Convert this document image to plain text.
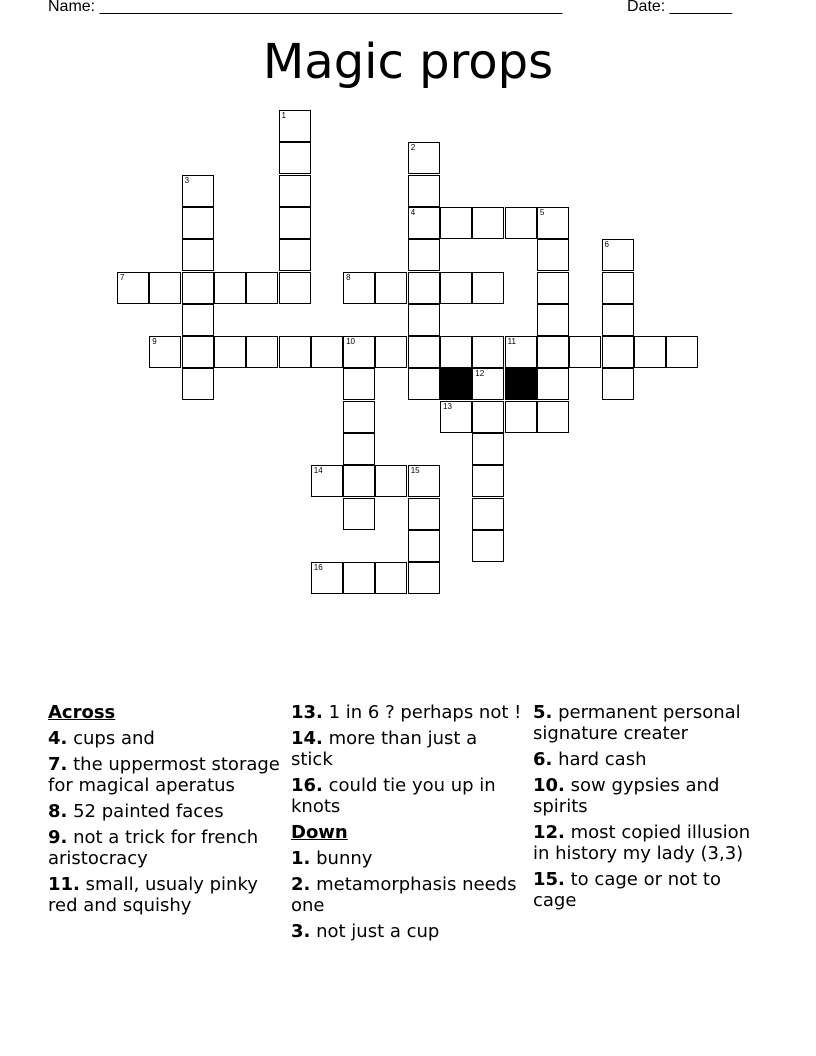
Name: ____________________________________________________	Date: _______
Magic props
1
2
4
3
5
6
7	8
9	10	11
12
13
14	15
16
Across
4. cups and
7. the uppermost storage for magical aperatus
8. 52 painted faces
9. not a trick for french aristocracy
11. small, usualy pinky red and squishy
13. 1 in 6 ? perhaps not !
14. more than just a stick
16. could tie you up in knots
Down
1. bunny
2. metamorphasis needs one
3. not just a cup
5. permanent personal signature creater
6. hard cash
10. sow gypsies and spirits
12. most copied illusion in history my lady (3,3)
15. to cage or not to cage
